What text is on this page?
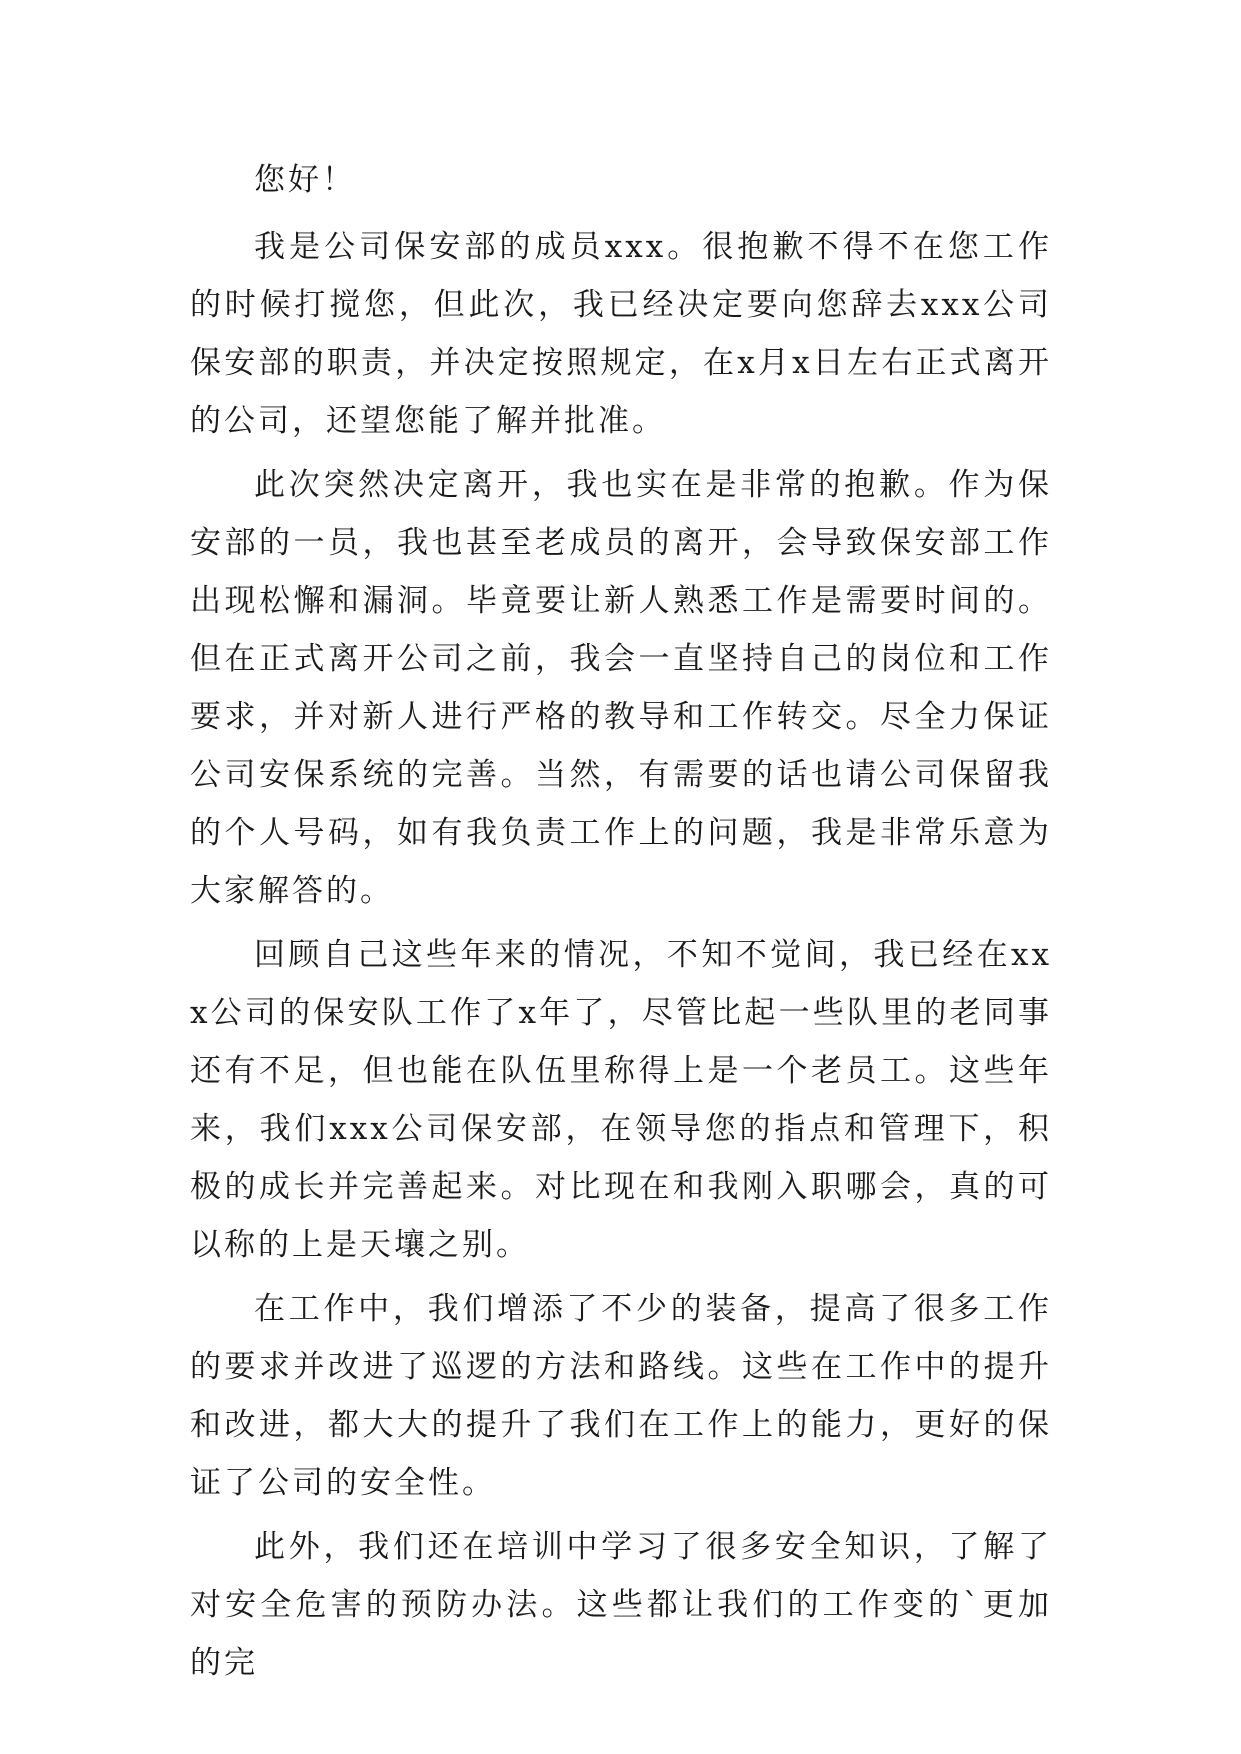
您好！

我是公司保安部的成员xxx。很抱歉不得不在您工作的时候打搅您，但此次，我已经决定要向您辞去xxx公司保安部的职责，并决定按照规定，在x月x日左右正式离开的公司，还望您能了解并批准。

此次突然决定离开，我也实在是非常的抱歉。作为保安部的一员，我也甚至老成员的离开，会导致保安部工作出现松懈和漏洞。毕竟要让新人熟悉工作是需要时间的。但在正式离开公司之前，我会一直坚持自己的岗位和工作要求，并对新人进行严格的教导和工作转交。尽全力保证公司安保系统的完善。当然，有需要的话也请公司保留我的个人号码，如有我负责工作上的问题，我是非常乐意为大家解答的。

回顾自己这些年来的情况，不知不觉间，我已经在xxx公司的保安队工作了x年了，尽管比起一些队里的老同事还有不足，但也能在队伍里称得上是一个老员工。这些年来，我们xxx公司保安部，在领导您的指点和管理下，积极的成长并完善起来。对比现在和我刚入职哪会，真的可以称的上是天壤之别。

在工作中，我们增添了不少的装备，提高了很多工作的要求并改进了巡逻的方法和路线。这些在工作中的提升和改进，都大大的提升了我们在工作上的能力，更好的保证了公司的安全性。

此外，我们还在培训中学习了很多安全知识，了解了对安全危害的预防办法。这些都让我们的工作变的`更加的完
